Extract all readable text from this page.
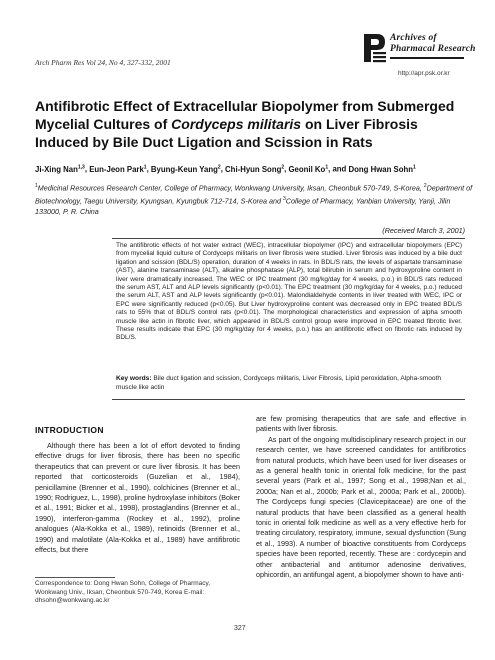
Arch Pharm Res Vol 24, No 4, 327-332, 2001
Archives of
Pharmacal Research
http://apr.psk.or.kr
Antifibrotic Effect of Extracellular Biopolymer from Submerged Mycelial Cultures of Cordyceps militaris on Liver Fibrosis Induced by Bile Duct Ligation and Scission in Rats
Ji-Xing Nan$^{1,3}$, Eun-Jeon Park$^1$, Byung-Keun Yang$^2$, Chi-Hyun Song$^2$, Geonil Ko$^1$, and Dong Hwan Sohn$^1$
$^1$Medicinal Resources Research Center, College of Pharmacy, Wonkwang University, Iksan, Cheonbuk 570-749, S-Korea, $^2$Department of Biotechnology, Taegu University, Kyungsan, Kyungbuk 712-714, S-Korea and $^3$College of Pharmacy, Yanbian University, Yanji, Jilin 133000, P. R. China
(Received March 3, 2001)
The antifibrotic effects of hot water extract (WEC), intracellular biopolymer (IPC) and extracellular biopolymers (EPC) from mycelial liquid culture of Cordyceps militaris on liver fibrosis were studied. Liver fibrosis was induced by a bile duct ligation and scission (BDL/S) operation, duration of 4 weeks in rats. In BDL/S rats, the levels of aspartate transaminase (AST), alanine transaminase (ALT), alkaline phosphatase (ALP), total bilirubin in serum and hydroxyproline content in liver were dramatically increased. The WEC or IPC treatment (30 mg/kg/day for 4 weeks, p.o.) in BDL/S rats reduced the serum AST, ALT and ALP levels significantly (p<0.01). The EPC treatment (30 mg/kg/day for 4 weeks, p.o.) reduced the serum ALT, AST and ALP levels significantly (p<0.01). Malondialdehyde contents in liver treated with WEC, IPC or EPC were significantly reduced (p<0.05). But Liver hydroxyproline content was decreased only in EPC treated BDL/S rats to 55% that of BDL/S control rats (p<0.01). The morphological characteristics and expression of alpha smooth muscle like actin in fibrotic liver, which appeared in BDL/S control group were improved in EPC treated fibrotic liver. These results indicate that EPC (30 mg/kg/day for 4 weeks, p.o.) has an antifibrotic effect on fibrotic rats induced by BDL/S.
Key words: Bile duct ligation and scission, Cordyceps militaris, Liver Fibrosis, Lipid peroxidation, Alpha-smooth muscle like actin
INTRODUCTION
Although there has been a lot of effort devoted to finding effective drugs for liver fibrosis, there has been no specific therapeutics that can prevent or cure liver fibrosis. It has been reported that corticosteroids (Guzelian et al., 1984), penicillamine (Brenner et al., 1990), colchicines (Brenner et al., 1990; Rodriguez, L., 1998), proline hydroxylase inhibitors (Boker et al., 1991; Bicker et al., 1998), prostaglandins (Brenner et al., 1990), interferon-gamma (Rockey et al., 1992), proline analogues (Ala-Kokka et al., 1989), retinoids (Brenner et al., 1990) and malotilate (Ala-Kokka et al., 1989) have antifibrotic effects, but there

are few promising therapeutics that are safe and effective in patients with liver fibrosis.

As part of the ongoing multidisciplinary research project in our research center, we have screened candidates for antifibrotics from natural products, which have been used for liver diseases or as a general health tonic in oriental folk medicine, for the past several years (Park et al., 1997; Song et al., 1998;Nan et al., 2000a; Nan et al., 2000b; Park et al., 2000a; Park et al., 2000b). The Cordyceps fungi species (Clavicepitaceae) are one of the natural products that have been classified as a general health tonic in oriental folk medicine as well as a very effective herb for treating circulatory, respiratory, immune, sexual dysfunction (Sung et al., 1993). A number of bioactive constituents from Cordyceps species have been reported, recently. These are : cordycepin and other antibacterial and antitumor adenosine derivatives, ophicordin, an antifungal agent, a biopolymer shown to have anti-

Correspondence to: Dong Hwan Sohn, College of Pharmacy, Wonkwang Univ., Iksan, Cheonbuk 570-749, Korea E-mail: dhsohn@wonkwang.ac.kr
327
